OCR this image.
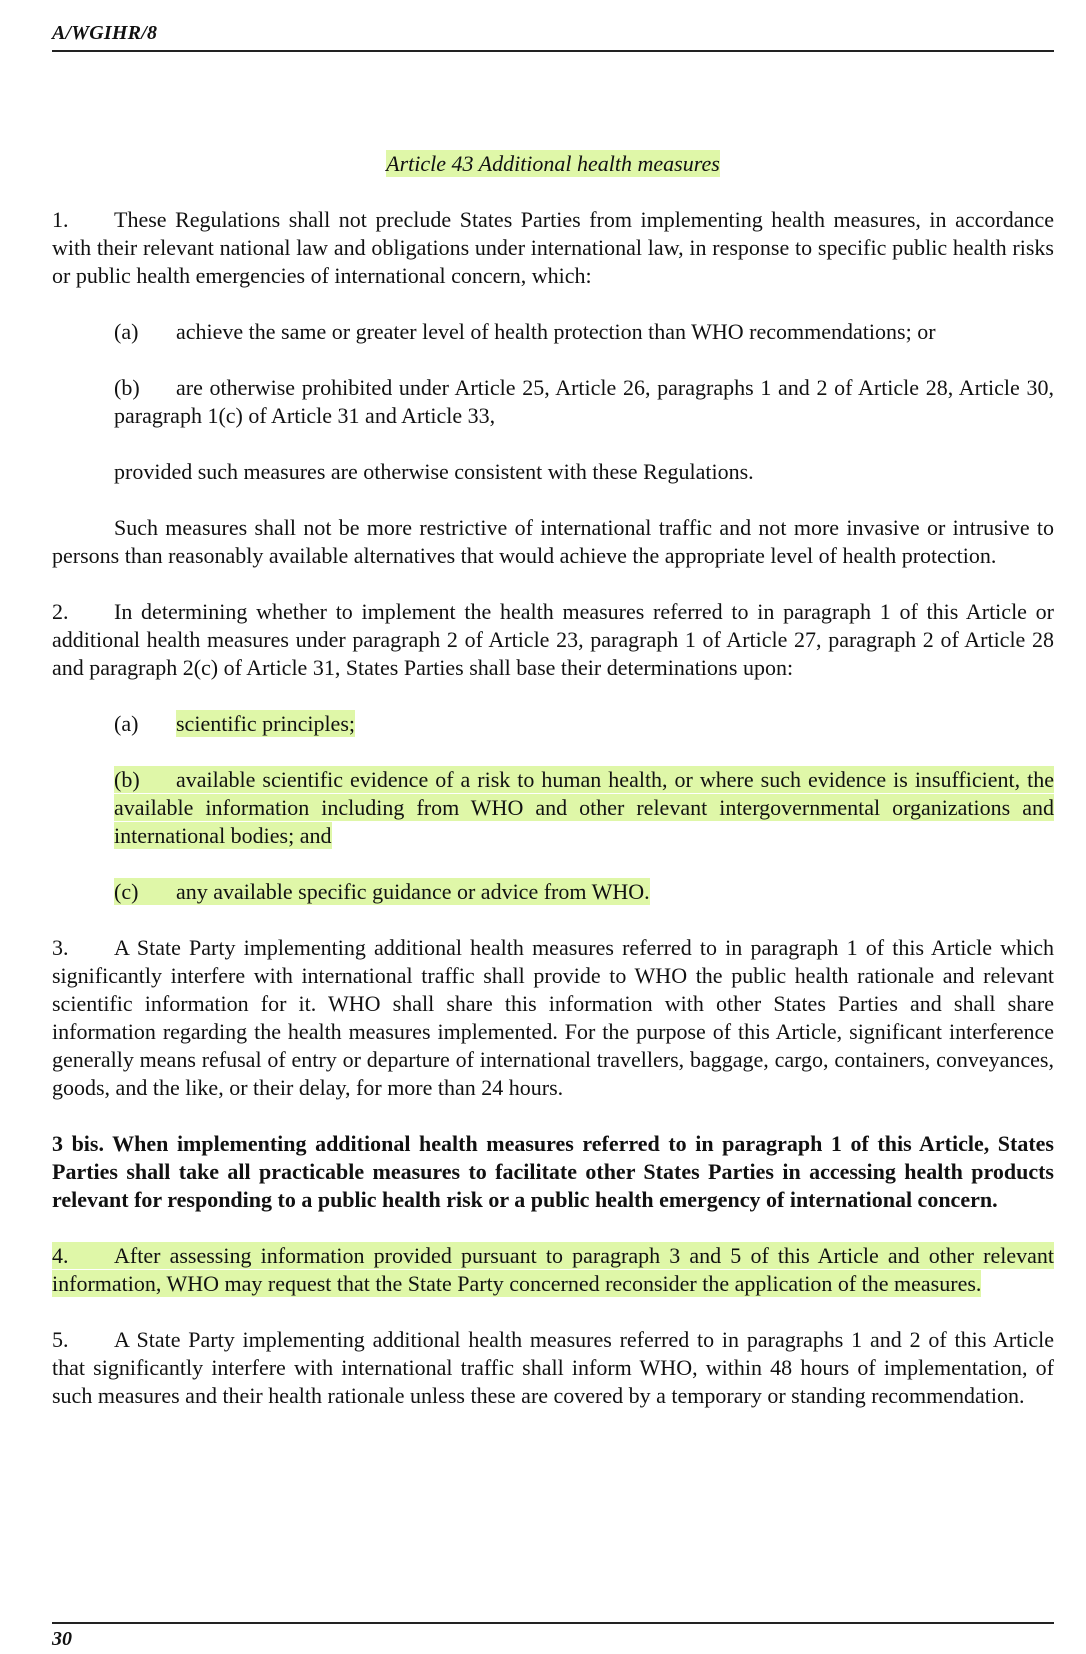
A/WGIHR/8
Article 43 Additional health measures

1. These Regulations shall not preclude States Parties from implementing health measures, in accordance with their relevant national law and obligations under international law, in response to specific public health risks or public health emergencies of international concern, which:

(a) achieve the same or greater level of health protection than WHO recommendations; or

(b) are otherwise prohibited under Article 25, Article 26, paragraphs 1 and 2 of Article 28, Article 30, paragraph 1(c) of Article 31 and Article 33,

provided such measures are otherwise consistent with these Regulations.

Such measures shall not be more restrictive of international traffic and not more invasive or intrusive to persons than reasonably available alternatives that would achieve the appropriate level of health protection.

2. In determining whether to implement the health measures referred to in paragraph 1 of this Article or additional health measures under paragraph 2 of Article 23, paragraph 1 of Article 27, paragraph 2 of Article 28 and paragraph 2(c) of Article 31, States Parties shall base their determinations upon:

(a) scientific principles;

(b) available scientific evidence of a risk to human health, or where such evidence is insufficient, the available information including from WHO and other relevant intergovernmental organizations and international bodies; and

(c) any available specific guidance or advice from WHO.

3. A State Party implementing additional health measures referred to in paragraph 1 of this Article which significantly interfere with international traffic shall provide to WHO the public health rationale and relevant scientific information for it. WHO shall share this information with other States Parties and shall share information regarding the health measures implemented. For the purpose of this Article, significant interference generally means refusal of entry or departure of international travellers, baggage, cargo, containers, conveyances, goods, and the like, or their delay, for more than 24 hours.

3 bis. When implementing additional health measures referred to in paragraph 1 of this Article, States Parties shall take all practicable measures to facilitate other States Parties in accessing health products relevant for responding to a public health risk or a public health emergency of international concern.

4. After assessing information provided pursuant to paragraph 3 and 5 of this Article and other relevant information, WHO may request that the State Party concerned reconsider the application of the measures.

5. A State Party implementing additional health measures referred to in paragraphs 1 and 2 of this Article that significantly interfere with international traffic shall inform WHO, within 48 hours of implementation, of such measures and their health rationale unless these are covered by a temporary or standing recommendation.

30
